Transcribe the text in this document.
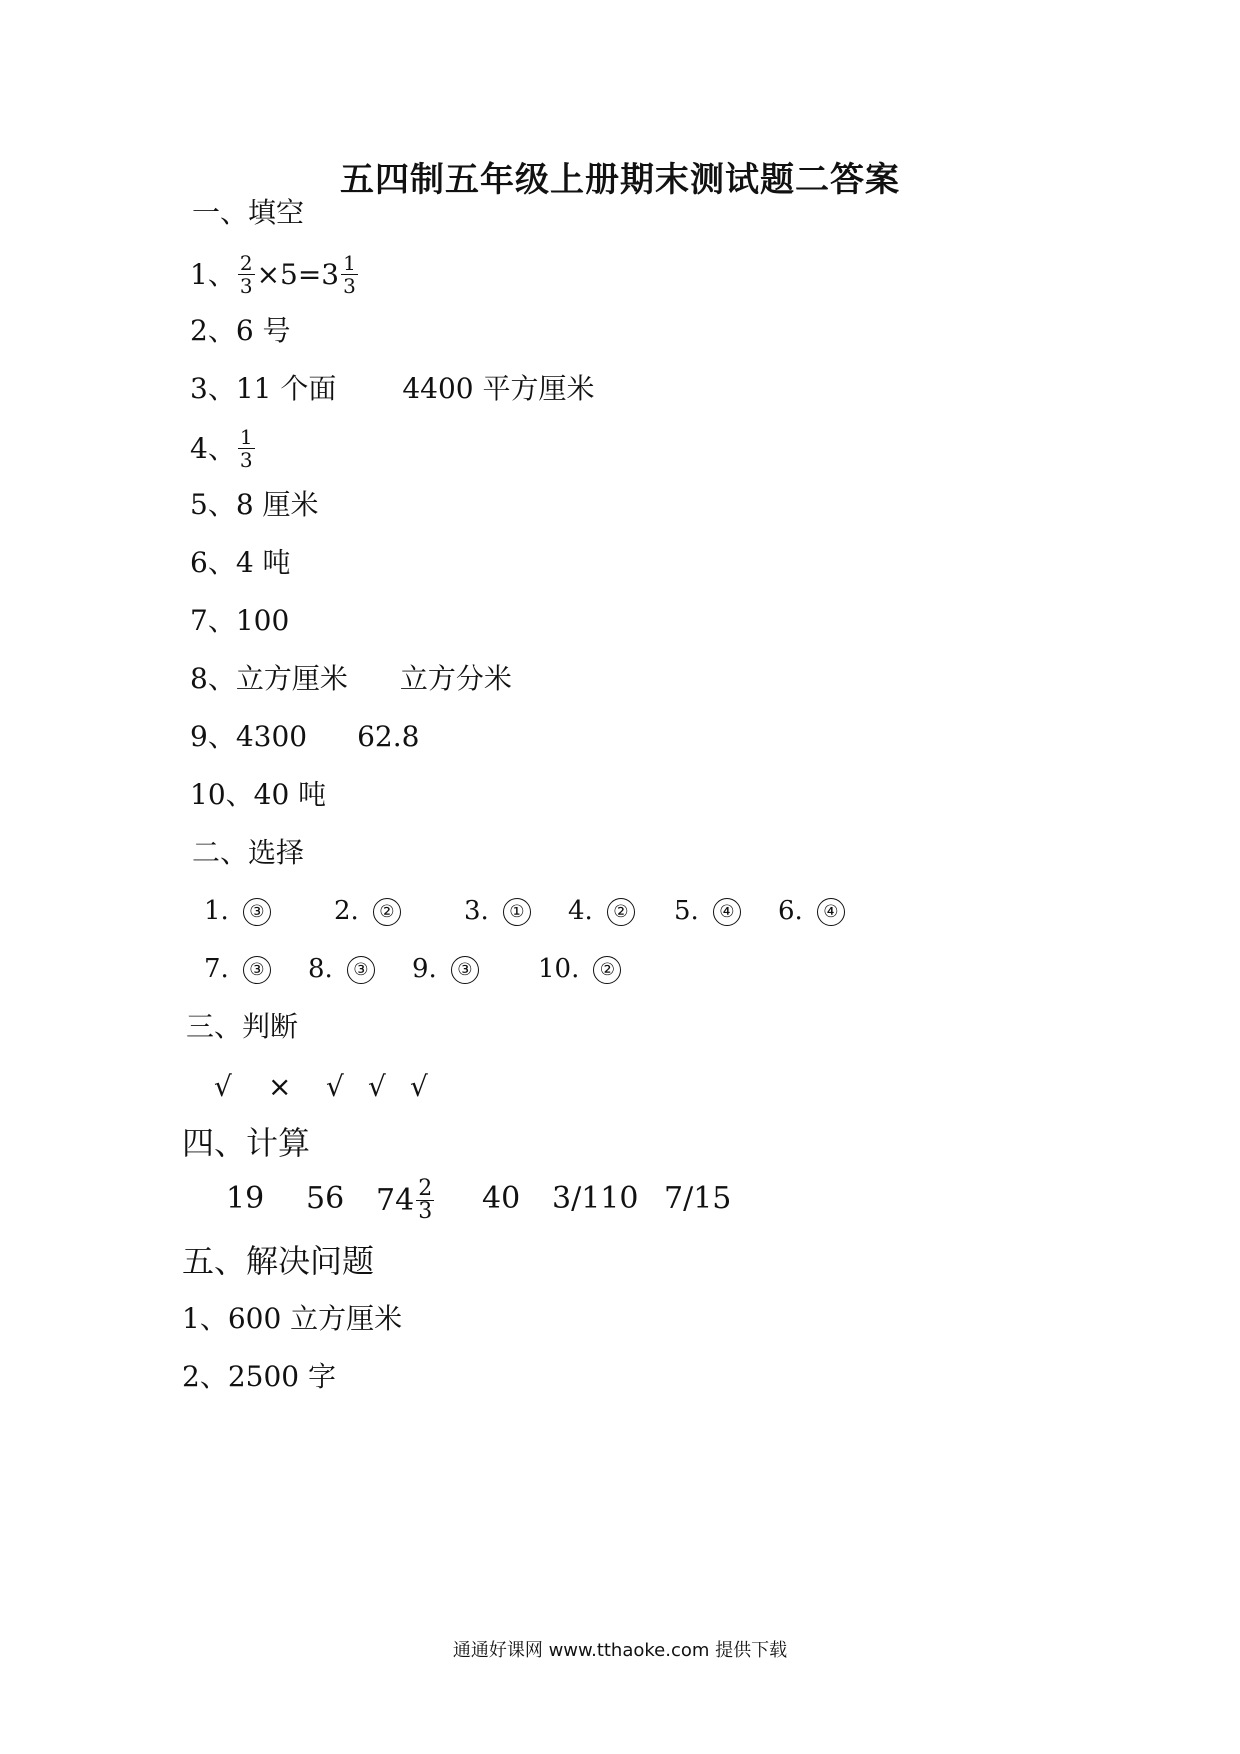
五四制五年级上册期末测试题二答案
一、填空
1、 $\frac{2}{3} \times 5=3 \frac{1}{3}$
2、6 号
3、11 个面 4400 平方厘米
4、 $\frac{1}{3}$
5、8 厘米
6、4 吨
7、100
8、立方厘米 立方分米
9、4300 62.8
10、40 吨
二、选择
1. ③	2. ②	3. ① 4. ② 5. ④ 6. ④
7. ③ 8. ③ 9. ③	10. ②
三、判断
√ × √ √ √
四、计算
19 56 $74 \frac{2}{3} 40$ 3/110 7/15
五、解决问题
1、600 立方厘米
2、2500 字
通通好课网 www.tthaoke.com 提供下载
